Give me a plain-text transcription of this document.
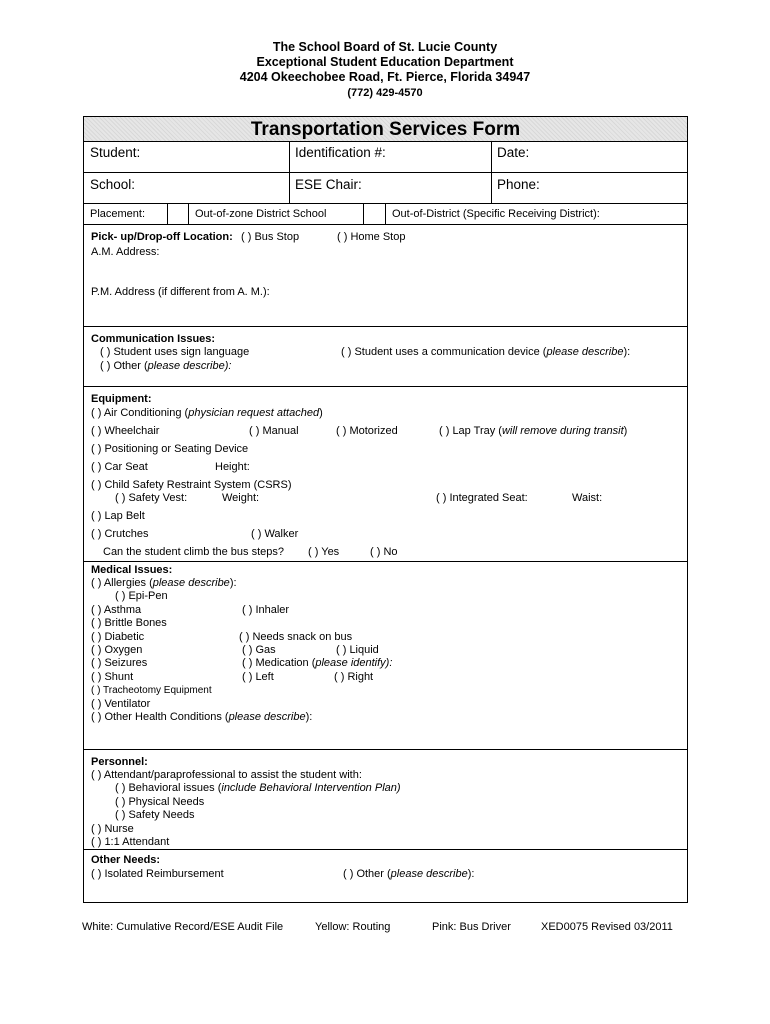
The School Board of St. Lucie County
Exceptional Student Education Department
4204 Okeechobee Road, Ft. Pierce, Florida 34947
(772) 429-4570
Transportation Services Form
Student:	Identification #:	Date:
School:	ESE Chair:	Phone:
Placement:	Out-of-zone District School	Out-of-District (Specific Receiving District):
Pick- up/Drop-off Location: ( ) Bus Stop	( ) Home Stop
A.M. Address:
P.M. Address (if different from A. M.):
Communication Issues:
( ) Student uses sign language	( ) Student uses a communication device (please describe):
( ) Other (please describe):
Equipment:
( ) Air Conditioning (physician request attached)
( ) Wheelchair	( ) Manual	( ) Motorized	( ) Lap Tray (will remove during transit)
( ) Positioning or Seating Device
( ) Car Seat	Height:
( ) Child Safety Restraint System (CSRS)
( ) Safety Vest:	Weight:	( ) Integrated Seat:	Waist:
( ) Lap Belt
( ) Crutches	( ) Walker
Can the student climb the bus steps? ( ) Yes	( ) No
Medical Issues:
( ) Allergies (please describe):
( ) Epi-Pen
( ) Asthma	( ) Inhaler
( ) Brittle Bones
( ) Diabetic	( ) Needs snack on bus
( ) Oxygen	( ) Gas	( ) Liquid
( ) Seizures	( ) Medication (please identify):
( ) Shunt	( ) Left	( ) Right
( ) Tracheotomy Equipment
( ) Ventilator
( ) Other Health Conditions (please describe):
Personnel:
( ) Attendant/paraprofessional to assist the student with:
( ) Behavioral issues (include Behavioral Intervention Plan)
( ) Physical Needs
( ) Safety Needs
( ) Nurse
( ) 1:1 Attendant
Other Needs:
( ) Isolated Reimbursement	( ) Other (please describe):
White: Cumulative Record/ESE Audit File	Yellow: Routing	Pink: Bus Driver	XED0075 Revised 03/2011
